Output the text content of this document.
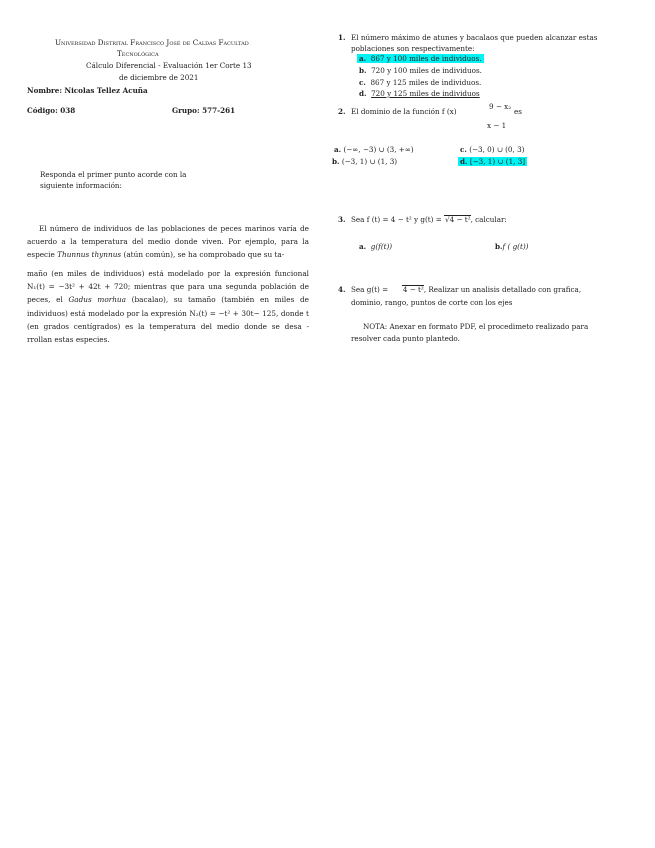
Universidad Distrital Francisco José de Caldas Facultad
Tecnológica
Cálculo Diferencial - Evaluación 1er Corte 13
de diciembre de 2021
Nombre: Nicolas Tellez Acuña
Código: 038	Grupo: 577-261
Responda el primer punto acorde con la
siguiente información:
El número de individuos de las poblaciones de peces marinos varía de acuerdo a la temperatura del medio donde viven. Por ejemplo, para la especie Thunnus thynnus (atún común), se ha comprobado que su ta-
maño (en miles de individuos) está modelado por la expresión funcional N₁(t) = −3t² + 42t + 720; mientras que para una segunda población de peces, el Gadus morhua (bacalao), su tamaño (también en miles de individuos) está modelado por la expresión N₂(t) = −t² + 30t− 125, donde t (en grados centígrados) es la temperatura del medio donde se desa - rrollan estas especies.
1. El número máximo de atunes y bacalaos que pueden alcanzar estas
poblaciones son respectivamente:
a. 867 y 100 miles de individuos.
b. 720 y 100 miles de individuos.
c. 867 y 125 miles de individuos.
d. 720 y 125 miles de individuos
2. El dominio de la función f (x)
9 − x₂
es
x − 1
a. (−∞, −3) ∪ (3, +∞)	c. (−3, 0) ∪ (0, 3)
b. (−3, 1) ∪ (1, 3)	d. [−3, 1) ∪ (1, 3]
3. Sea f (t) = 4 − t² y g(t) = √4 − t², calcular:
a. g(f(t))	b.f ( g(t))
4. Sea g(t) = 4 − t², Realizar un analisis detallado con grafica,
dominio, rango, puntos de corte con los ejes
NOTA: Anexar en formato PDF, el procedimeto realizado para
resolver cada punto plantedo.
